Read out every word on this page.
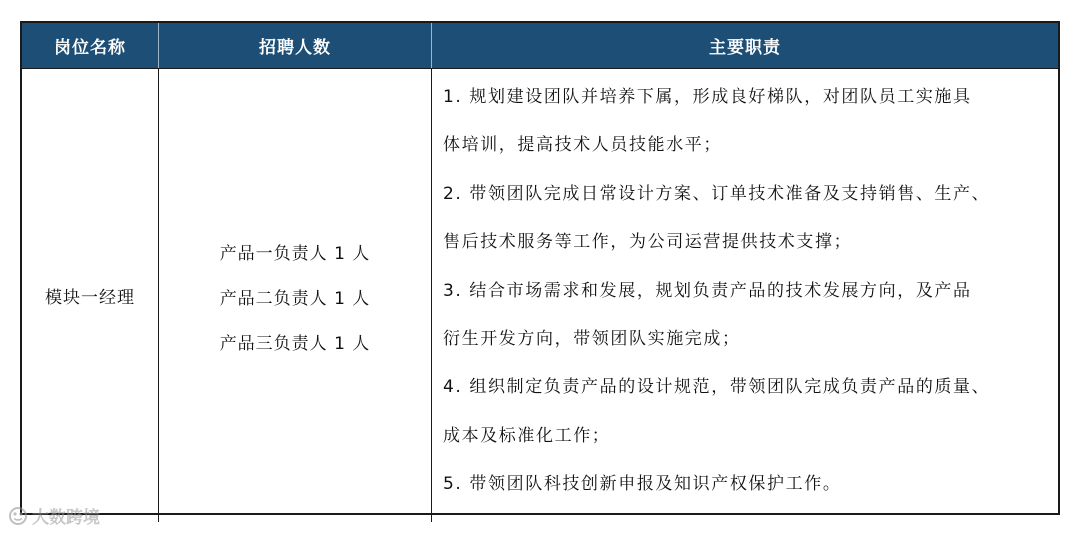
岗位名称	招聘人数	主要职责
模块一经理
产品一负责人 1 人
产品二负责人 1 人
产品三负责人 1 人
1. 规划建设团队并培养下属，形成良好梯队，对团队员工实施具
体培训，提高技术人员技能水平；
2. 带领团队完成日常设计方案、订单技术准备及支持销售、生产、
售后技术服务等工作，为公司运营提供技术支撑；
3. 结合市场需求和发展，规划负责产品的技术发展方向，及产品
衍生开发方向，带领团队实施完成；
4. 组织制定负责产品的设计规范，带领团队完成负责产品的质量、
成本及标准化工作；
5. 带领团队科技创新申报及知识产权保护工作。
大数跨境
